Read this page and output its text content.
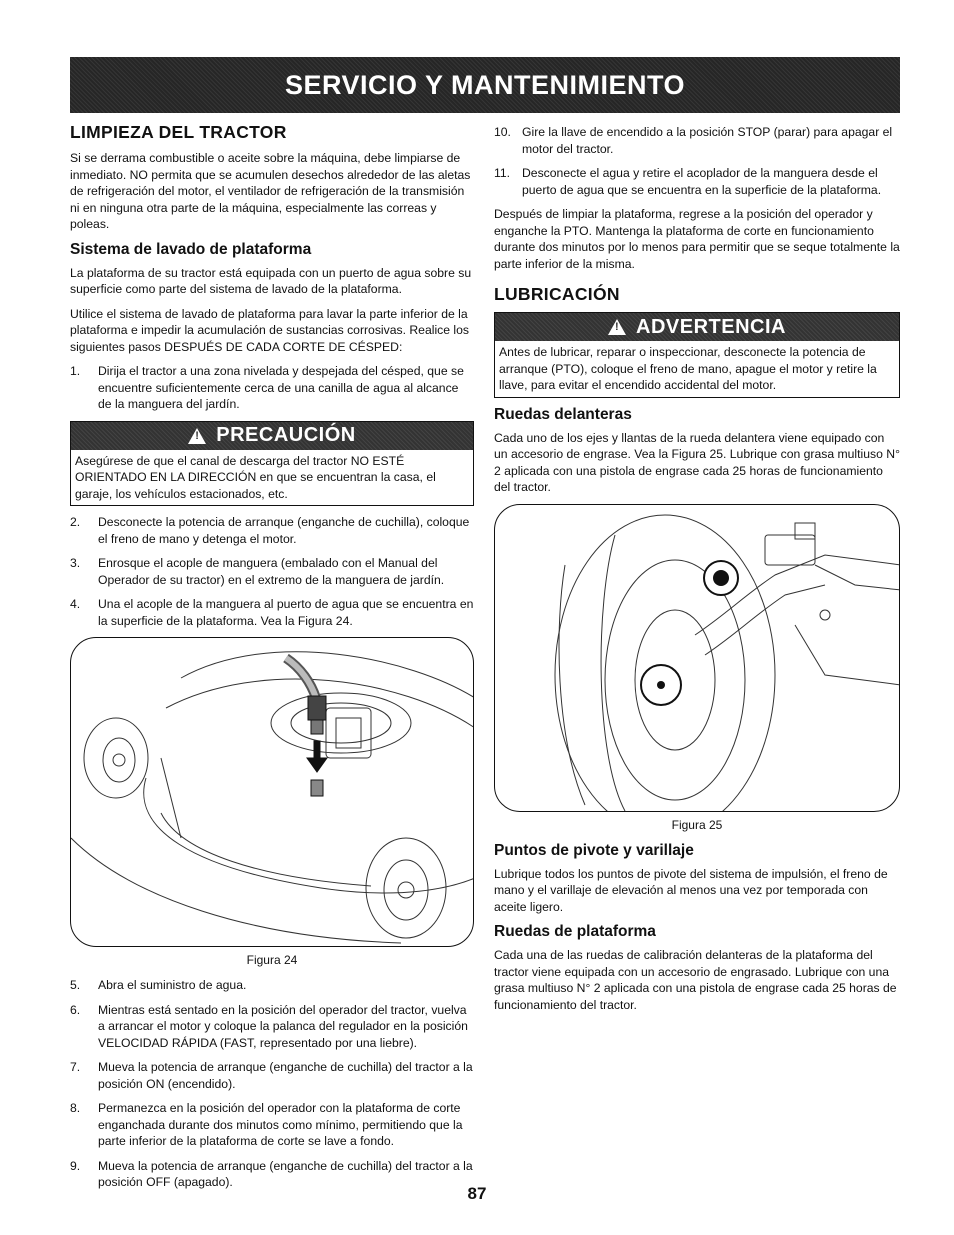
SERVICIO Y MANTENIMIENTO
LIMPIEZA DEL TRACTOR

Si se derrama combustible o aceite sobre la máquina, debe limpiarse de inmediato. NO permita que se acumulen desechos alrededor de las aletas de refrigeración del motor, el ventilador de refrigeración de la transmisión ni en ninguna otra parte de la máquina, especialmente las correas y poleas.

Sistema de lavado de plataforma

La plataforma de su tractor está equipada con un puerto de agua sobre su superficie como parte del sistema de lavado de la plataforma.

Utilice el sistema de lavado de plataforma para lavar la parte inferior de la plataforma e impedir la acumulación de sustancias corrosivas. Realice los siguientes pasos DESPUÉS DE CADA CORTE DE CÉSPED:

1.	Dirija el tractor a una zona nivelada y despejada del césped, que se encuentre suficientemente cerca de una canilla de agua al alcance de la manguera del jardín.
!
PRECAUCIÓN
Asegúrese de que el canal de descarga del tractor NO ESTÉ ORIENTADO EN LA DIRECCIÓN en que se encuentran la casa, el garaje, los vehículos estacionados, etc.
2.	Desconecte la potencia de arranque (enganche de cuchilla), coloque el freno de mano y detenga el motor.
3.	Enrosque el acople de manguera (embalado con el Manual del Operador de su tractor) en el extremo de la manguera de jardín.
4.	Una el acople de la manguera al puerto de agua que se encuentra en la superficie de la plataforma. Vea la Figura 24.
Figura 24
5.	Abra el suministro de agua.
6.	Mientras está sentado en la posición del operador del tractor, vuelva a arrancar el motor y coloque la palanca del regulador en la posición VELOCIDAD RÁPIDA (FAST, representado por una liebre).
7.	Mueva la potencia de arranque (enganche de cuchilla) del tractor a la posición ON (encendido).
8.	Permanezca en la posición del operador con la plataforma de corte enganchada durante dos minutos como mínimo, permitiendo que la parte inferior de la plataforma de corte se lave a fondo.
9.	Mueva la potencia de arranque (enganche de cuchilla) del tractor a la posición OFF (apagado).
10. Gire la llave de encendido a la posición STOP (parar) para apagar el motor del tractor.
11. Desconecte el agua y retire el acoplador de la manguera desde el puerto de agua que se encuentra en la superficie de la plataforma.

Después de limpiar la plataforma, regrese a la posición del operador y enganche la PTO. Mantenga la plataforma de corte en funcionamiento durante dos minutos por lo menos para permitir que se seque totalmente la parte inferior de la misma.

LUBRICACIÓN
!
ADVERTENCIA
Antes de lubricar, reparar o inspeccionar, desconecte la potencia de arranque (PTO), coloque el freno de mano, apague el motor y retire la llave, para evitar el encendido accidental del motor.
Ruedas delanteras

Cada uno de los ejes y llantas de la rueda delantera viene equipado con un accesorio de engrase. Vea la Figura 25. Lubrique con grasa multiuso N° 2 aplicada con una pistola de engrase cada 25 horas de funcionamiento del tractor.

Figura 25
Puntos de pivote y varillaje

Lubrique todos los puntos de pivote del sistema de impulsión, el freno de mano y el varillaje de elevación al menos una vez por temporada con aceite ligero.

Ruedas de plataforma

Cada una de las ruedas de calibración delanteras de la plataforma del tractor viene equipada con un accesorio de engrasado. Lubrique con una grasa multiuso N° 2 aplicada con una pistola de engrase cada 25 horas de funcionamiento del tractor.

87
